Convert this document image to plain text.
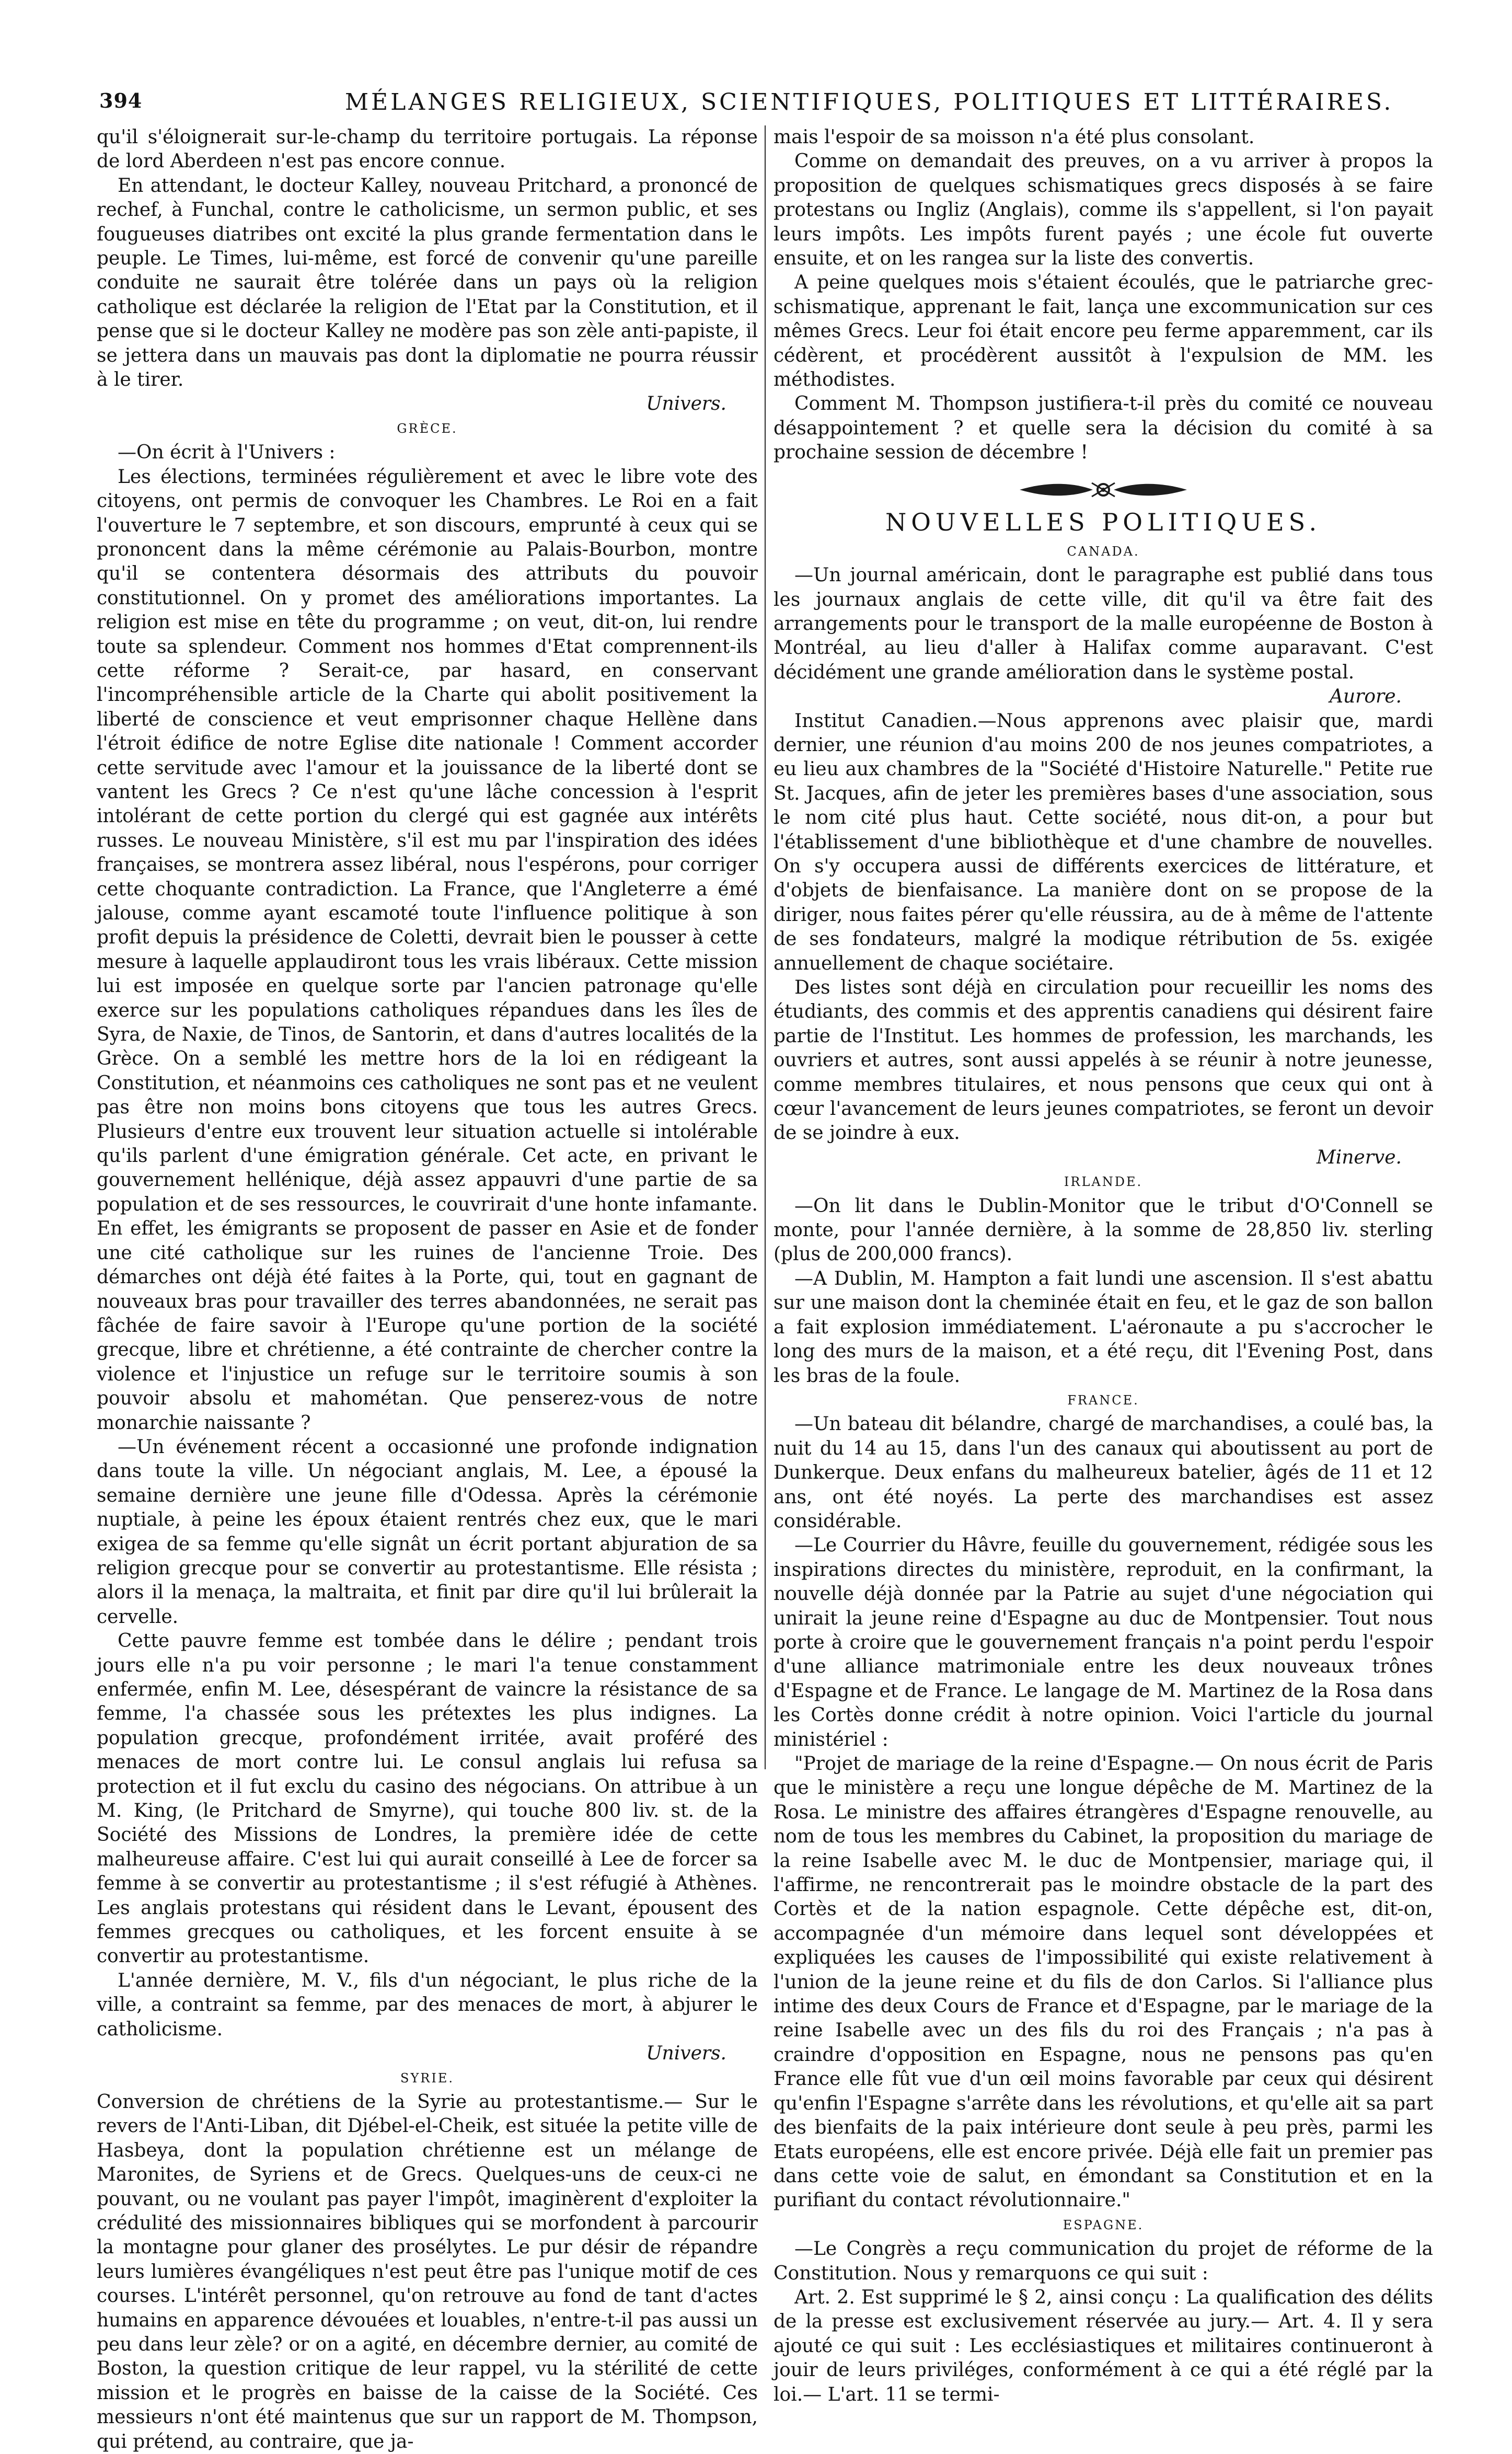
394	MÉLANGES RELIGIEUX, SCIENTIFIQUES, POLITIQUES ET LITTÉRAIRES.

qu'il s'éloignerait sur-le-champ du territoire portugais. La réponse de lord Aberdeen n'est pas encore connue.

En attendant, le docteur Kalley, nouveau Pritchard, a prononcé de rechef, à Funchal, contre le catholicisme, un sermon public, et ses fougueuses diatribes ont excité la plus grande fermentation dans le peuple. Le Times, lui-même, est forcé de convenir qu'une pareille conduite ne saurait être tolérée dans un pays où la religion catholique est déclarée la religion de l'Etat par la Constitution, et il pense que si le docteur Kalley ne modère pas son zèle anti-papiste, il se jettera dans un mauvais pas dont la diplomatie ne pourra réussir à le tirer.

Univers.
GRÈCE.

—On écrit à l'Univers :

Les élections, terminées régulièrement et avec le libre vote des citoyens, ont permis de convoquer les Chambres. Le Roi en a fait l'ouverture le 7 septembre, et son discours, emprunté à ceux qui se prononcent dans la même cérémonie au Palais-Bourbon, montre qu'il se contentera désormais des attributs du pouvoir constitutionnel. On y promet des améliorations importantes. La religion est mise en tête du programme ; on veut, dit-on, lui rendre toute sa splendeur. Comment nos hommes d'Etat comprennent-ils cette réforme ? Serait-ce, par hasard, en conservant l'incompréhensible article de la Charte qui abolit positivement la liberté de conscience et veut emprisonner chaque Hellène dans l'étroit édifice de notre Eglise dite nationale ! Comment accorder cette servitude avec l'amour et la jouissance de la liberté dont se vantent les Grecs ? Ce n'est qu'une lâche concession à l'esprit intolérant de cette portion du clergé qui est gagnée aux intérêts russes. Le nouveau Ministère, s'il est mu par l'inspiration des idées françaises, se montrera assez libéral, nous l'espérons, pour corriger cette choquante contradiction. La France, que l'Angleterre a émé jalouse, comme ayant escamoté toute l'influence politique à son profit depuis la présidence de Coletti, devrait bien le pousser à cette mesure à laquelle applaudiront tous les vrais libéraux. Cette mission lui est imposée en quelque sorte par l'ancien patronage qu'elle exerce sur les populations catholiques répandues dans les îles de Syra, de Naxie, de Tinos, de Santorin, et dans d'autres localités de la Grèce. On a semblé les mettre hors de la loi en rédigeant la Constitution, et néanmoins ces catholiques ne sont pas et ne veulent pas être non moins bons citoyens que tous les autres Grecs. Plusieurs d'entre eux trouvent leur situation actuelle si intolérable qu'ils parlent d'une émigration générale. Cet acte, en privant le gouvernement hellénique, déjà assez appauvri d'une partie de sa population et de ses ressources, le couvrirait d'une honte infamante. En effet, les émigrants se proposent de passer en Asie et de fonder une cité catholique sur les ruines de l'ancienne Troie. Des démarches ont déjà été faites à la Porte, qui, tout en gagnant de nouveaux bras pour travailler des terres abandonnées, ne serait pas fâchée de faire savoir à l'Europe qu'une portion de la société grecque, libre et chrétienne, a été contrainte de chercher contre la violence et l'injustice un refuge sur le territoire soumis à son pouvoir absolu et mahométan. Que penserez-vous de notre monarchie naissante ?

—Un événement récent a occasionné une profonde indignation dans toute la ville. Un négociant anglais, M. Lee, a épousé la semaine dernière une jeune fille d'Odessa. Après la cérémonie nuptiale, à peine les époux étaient rentrés chez eux, que le mari exigea de sa femme qu'elle signât un écrit portant abjuration de sa religion grecque pour se convertir au protestantisme. Elle résista ; alors il la menaça, la maltraita, et finit par dire qu'il lui brûlerait la cervelle.

Cette pauvre femme est tombée dans le délire ; pendant trois jours elle n'a pu voir personne ; le mari l'a tenue constamment enfermée, enfin M. Lee, désespérant de vaincre la résistance de sa femme, l'a chassée sous les prétextes les plus indignes. La population grecque, profondément irritée, avait proféré des menaces de mort contre lui. Le consul anglais lui refusa sa protection et il fut exclu du casino des négocians. On attribue à un M. King, (le Pritchard de Smyrne), qui touche 800 liv. st. de la Société des Missions de Londres, la première idée de cette malheureuse affaire. C'est lui qui aurait conseillé à Lee de forcer sa femme à se convertir au protestantisme ; il s'est réfugié à Athènes. Les anglais protestans qui résident dans le Levant, épousent des femmes grecques ou catholiques, et les forcent ensuite à se convertir au protestantisme.

L'année dernière, M. V., fils d'un négociant, le plus riche de la ville, a contraint sa femme, par des menaces de mort, à abjurer le catholicisme.

Univers.
SYRIE.

Conversion de chrétiens de la Syrie au protestantisme.— Sur le revers de l'Anti-Liban, dit Djébel-el-Cheik, est située la petite ville de Hasbeya, dont la population chrétienne est un mélange de Maronites, de Syriens et de Grecs. Quelques-uns de ceux-ci ne pouvant, ou ne voulant pas payer l'impôt, imaginèrent d'exploiter la crédulité des missionnaires bibliques qui se morfondent à parcourir la montagne pour glaner des prosélytes. Le pur désir de répandre leurs lumières évangéliques n'est peut être pas l'unique motif de ces courses. L'intérêt personnel, qu'on retrouve au fond de tant d'actes humains en apparence dévouées et louables, n'entre-t-il pas aussi un peu dans leur zèle? or on a agité, en décembre dernier, au comité de Boston, la question critique de leur rappel, vu la stérilité de cette mission et le progrès en baisse de la caisse de la Société. Ces messieurs n'ont été maintenus que sur un rapport de M. Thompson, qui prétend, au contraire, que ja-

mais l'espoir de sa moisson n'a été plus consolant.

Comme on demandait des preuves, on a vu arriver à propos la proposition de quelques schismatiques grecs disposés à se faire protestans ou Ingliz (Anglais), comme ils s'appellent, si l'on payait leurs impôts. Les impôts furent payés ; une école fut ouverte ensuite, et on les rangea sur la liste des convertis.

A peine quelques mois s'étaient écoulés, que le patriarche grec-schismatique, apprenant le fait, lança une excommunication sur ces mêmes Grecs. Leur foi était encore peu ferme apparemment, car ils cédèrent, et procédèrent aussitôt à l'expulsion de MM. les méthodistes.

Comment M. Thompson justifiera-t-il près du comité ce nouveau désappointement ? et quelle sera la décision du comité à sa prochaine session de décembre !

NOUVELLES POLITIQUES.
CANADA.

—Un journal américain, dont le paragraphe est publié dans tous les journaux anglais de cette ville, dit qu'il va être fait des arrangements pour le transport de la malle européenne de Boston à Montréal, au lieu d'aller à Halifax comme auparavant. C'est décidément une grande amélioration dans le système postal.

Aurore.

Institut Canadien.—Nous apprenons avec plaisir que, mardi dernier, une réunion d'au moins 200 de nos jeunes compatriotes, a eu lieu aux chambres de la "Société d'Histoire Naturelle." Petite rue St. Jacques, afin de jeter les premières bases d'une association, sous le nom cité plus haut. Cette société, nous dit-on, a pour but l'établissement d'une bibliothèque et d'une chambre de nouvelles. On s'y occupera aussi de différents exercices de littérature, et d'objets de bienfaisance. La manière dont on se propose de la diriger, nous faites pérer qu'elle réussira, au de à même de l'attente de ses fondateurs, malgré la modique rétribution de 5s. exigée annuellement de chaque sociétaire.

Des listes sont déjà en circulation pour recueillir les noms des étudiants, des commis et des apprentis canadiens qui désirent faire partie de l'Institut. Les hommes de profession, les marchands, les ouvriers et autres, sont aussi appelés à se réunir à notre jeunesse, comme membres titulaires, et nous pensons que ceux qui ont à cœur l'avancement de leurs jeunes compatriotes, se feront un devoir de se joindre à eux.

Minerve.
IRLANDE.

—On lit dans le Dublin-Monitor que le tribut d'O'Connell se monte, pour l'année dernière, à la somme de 28,850 liv. sterling (plus de 200,000 francs).

—A Dublin, M. Hampton a fait lundi une ascension. Il s'est abattu sur une maison dont la cheminée était en feu, et le gaz de son ballon a fait explosion immédiatement. L'aéronaute a pu s'accrocher le long des murs de la maison, et a été reçu, dit l'Evening Post, dans les bras de la foule.

FRANCE.

—Un bateau dit bélandre, chargé de marchandises, a coulé bas, la nuit du 14 au 15, dans l'un des canaux qui aboutissent au port de Dunkerque. Deux enfans du malheureux batelier, âgés de 11 et 12 ans, ont été noyés. La perte des marchandises est assez considérable.

—Le Courrier du Hâvre, feuille du gouvernement, rédigée sous les inspirations directes du ministère, reproduit, en la confirmant, la nouvelle déjà donnée par la Patrie au sujet d'une négociation qui unirait la jeune reine d'Espagne au duc de Montpensier. Tout nous porte à croire que le gouvernement français n'a point perdu l'espoir d'une alliance matrimoniale entre les deux nouveaux trônes d'Espagne et de France. Le langage de M. Martinez de la Rosa dans les Cortès donne crédit à notre opinion. Voici l'article du journal ministériel :

"Projet de mariage de la reine d'Espagne.— On nous écrit de Paris que le ministère a reçu une longue dépêche de M. Martinez de la Rosa. Le ministre des affaires étrangères d'Espagne renouvelle, au nom de tous les membres du Cabinet, la proposition du mariage de la reine Isabelle avec M. le duc de Montpensier, mariage qui, il l'affirme, ne rencontrerait pas le moindre obstacle de la part des Cortès et de la nation espagnole. Cette dépêche est, dit-on, accompagnée d'un mémoire dans lequel sont développées et expliquées les causes de l'impossibilité qui existe relativement à l'union de la jeune reine et du fils de don Carlos. Si l'alliance plus intime des deux Cours de France et d'Espagne, par le mariage de la reine Isabelle avec un des fils du roi des Français ; n'a pas à craindre d'opposition en Espagne, nous ne pensons pas qu'en France elle fût vue d'un œil moins favorable par ceux qui désirent qu'enfin l'Espagne s'arrête dans les révolutions, et qu'elle ait sa part des bienfaits de la paix intérieure dont seule à peu près, parmi les Etats européens, elle est encore privée. Déjà elle fait un premier pas dans cette voie de salut, en émondant sa Constitution et en la purifiant du contact révolutionnaire."

ESPAGNE.

—Le Congrès a reçu communication du projet de réforme de la Constitution. Nous y remarquons ce qui suit :

Art. 2. Est supprimé le § 2, ainsi conçu : La qualification des délits de la presse est exclusivement réservée au jury.— Art. 4. Il y sera ajouté ce qui suit : Les ecclésiastiques et militaires continueront à jouir de leurs priviléges, conformément à ce qui a été réglé par la loi.— L'art. 11 se termi-
